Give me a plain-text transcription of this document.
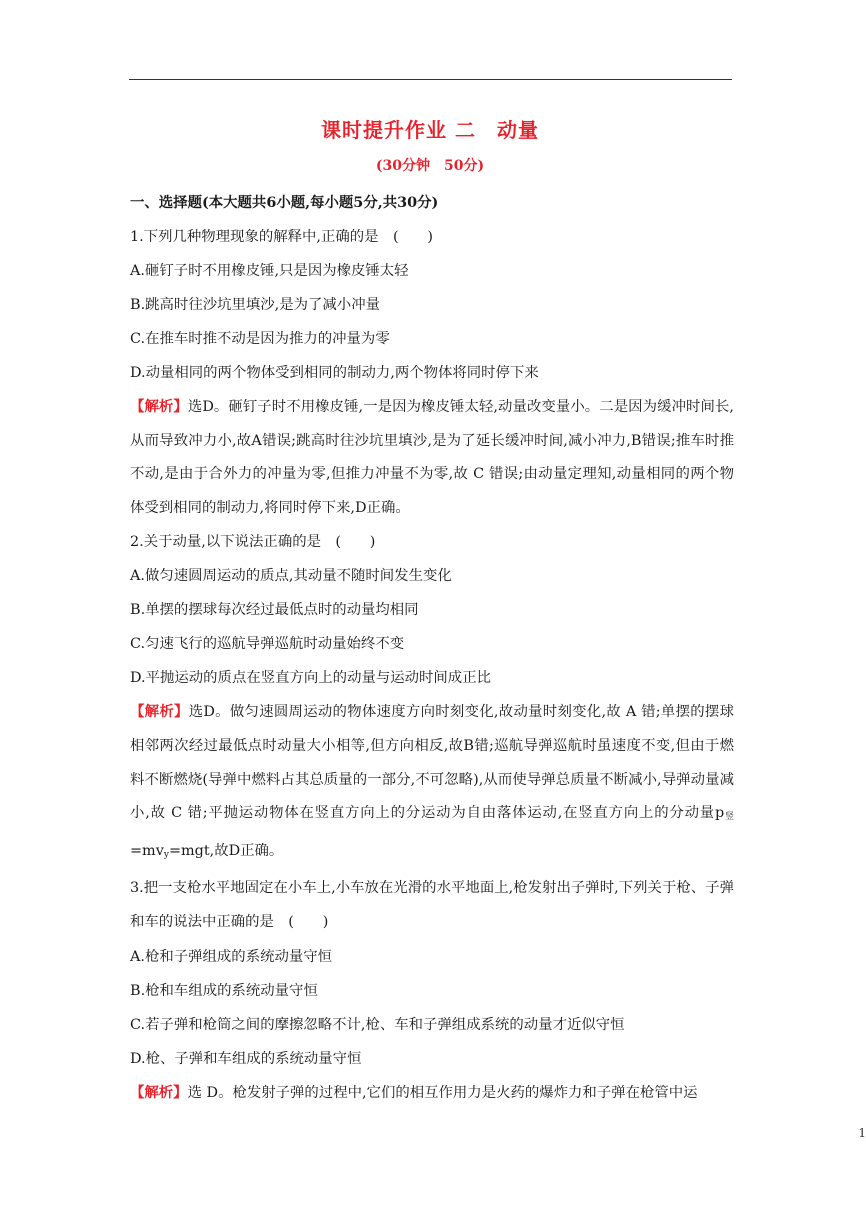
课时提升作业 二　动量
(30分钟　50分)
一、选择题(本大题共6小题,每小题5分,共30分)
1.下列几种物理现象的解释中,正确的是　(　　)
A.砸钉子时不用橡皮锤,只是因为橡皮锤太轻
B.跳高时往沙坑里填沙,是为了减小冲量
C.在推车时推不动是因为推力的冲量为零
D.动量相同的两个物体受到相同的制动力,两个物体将同时停下来
【解析】选D。砸钉子时不用橡皮锤,一是因为橡皮锤太轻,动量改变量小。二是因为缓冲时间长,从而导致冲力小,故A错误;跳高时往沙坑里填沙,是为了延长缓冲时间,减小冲力,B错误;推车时推不动,是由于合外力的冲量为零,但推力冲量不为零,故 C 错误;由动量定理知,动量相同的两个物体受到相同的制动力,将同时停下来,D正确。
2.关于动量,以下说法正确的是　(　　)
A.做匀速圆周运动的质点,其动量不随时间发生变化
B.单摆的摆球每次经过最低点时的动量均相同
C.匀速飞行的巡航导弹巡航时动量始终不变
D.平抛运动的质点在竖直方向上的动量与运动时间成正比
【解析】选D。做匀速圆周运动的物体速度方向时刻变化,故动量时刻变化,故 A 错;单摆的摆球相邻两次经过最低点时动量大小相等,但方向相反,故B错;巡航导弹巡航时虽速度不变,但由于燃料不断燃烧(导弹中燃料占其总质量的一部分,不可忽略),从而使导弹总质量不断减小,导弹动量减小,故 C 错;平抛运动物体在竖直方向上的分运动为自由落体运动,在竖直方向上的分动量$p_竖=mv_y=mgt$,故D正确。
3.把一支枪水平地固定在小车上,小车放在光滑的水平地面上,枪发射出子弹时,下列关于枪、子弹和车的说法中正确的是　(　　)
A.枪和子弹组成的系统动量守恒
B.枪和车组成的系统动量守恒
C.若子弹和枪筒之间的摩擦忽略不计,枪、车和子弹组成系统的动量才近似守恒
D.枪、子弹和车组成的系统动量守恒
【解析】选 D。枪发射子弹的过程中,它们的相互作用力是火药的爆炸力和子弹在枪管中运
1
